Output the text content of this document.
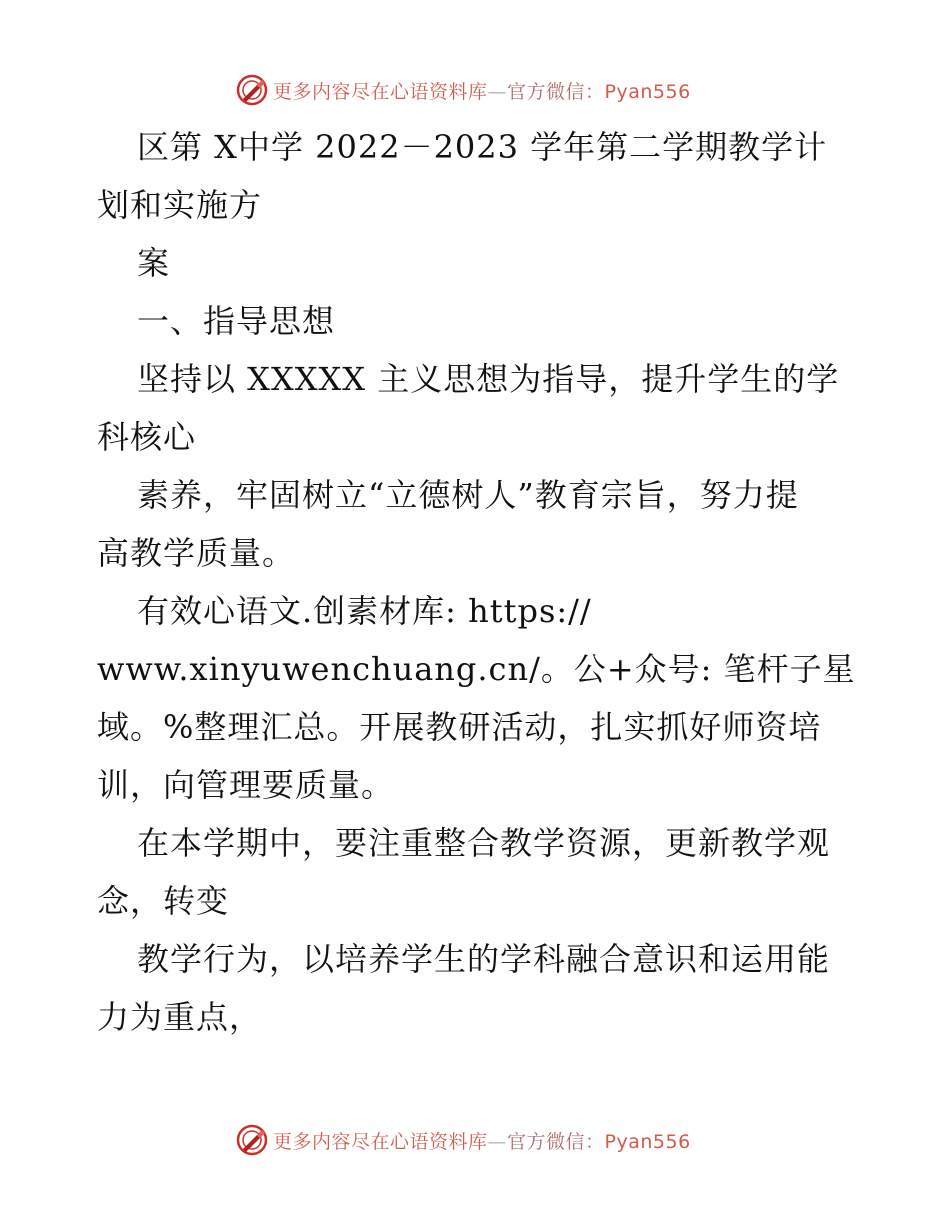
更多内容尽在心语资料库—官方微信：Pyan556
区第 X中学 2022－2023 学年第二学期教学计
划和实施方
案
一、指导思想
坚持以 XXXXX 主义思想为指导，提升学生的学
科核心
素养，牢固树立“立德树人”教育宗旨，努力提
高教学质量。
有效心语文.创素材库: https://
www.xinyuwenchuang.cn/。公+众号: 笔杆子星
域。%整理汇总。开展教研活动，扎实抓好师资培
训，向管理要质量。
在本学期中，要注重整合教学资源，更新教学观
念，转变
教学行为，以培养学生的学科融合意识和运用能
力为重点，
更多内容尽在心语资料库—官方微信：Pyan556
